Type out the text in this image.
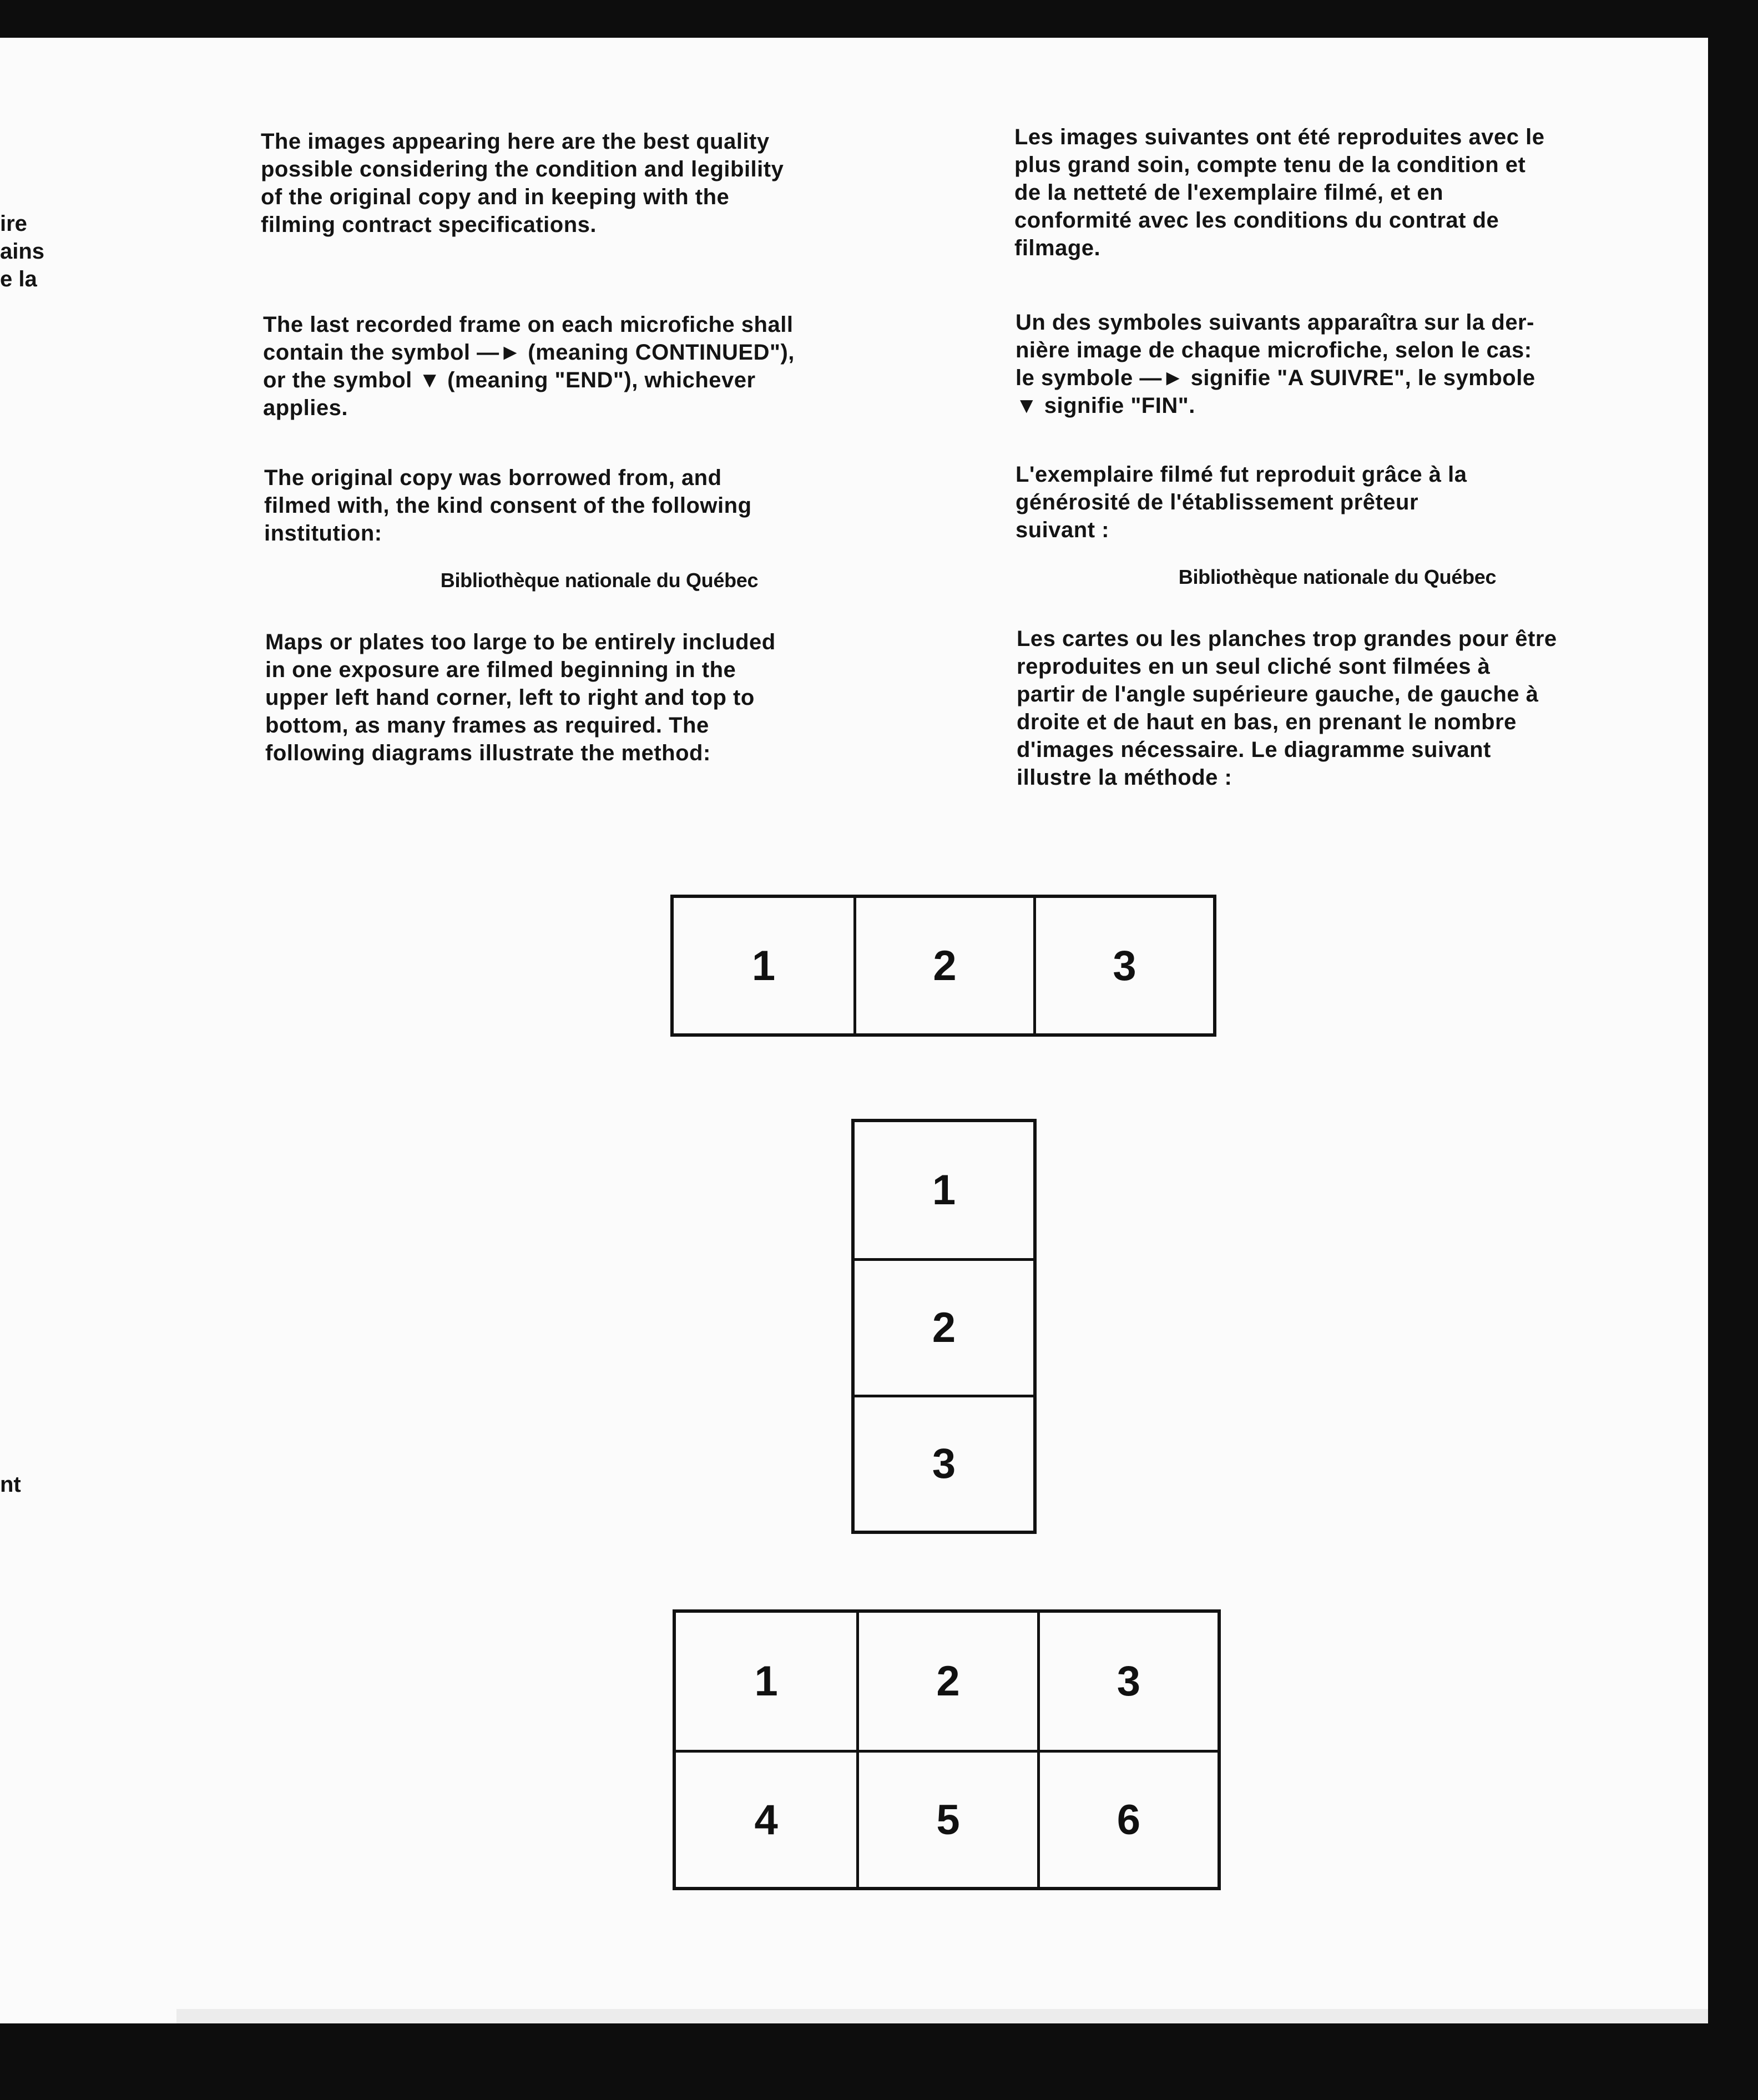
ire
ains
e la
nt
The images appearing here are the best quality
possible considering the condition and legibility
of the original copy and in keeping with the
filming contract specifications.
The last recorded frame on each microfiche shall
contain the symbol —► (meaning CONTINUED"),
or the symbol ▼ (meaning "END"), whichever
applies.
The original copy was borrowed from, and
filmed with, the kind consent of the following
institution:
Bibliothèque nationale du Québec
Maps or plates too large to be entirely included
in one exposure are filmed beginning in the
upper left hand corner, left to right and top to
bottom, as many frames as required. The
following diagrams illustrate the method:
Les images suivantes ont été reproduites avec le
plus grand soin, compte tenu de la condition et
de la netteté de l'exemplaire filmé, et en
conformité avec les conditions du contrat de
filmage.
Un des symboles suivants apparaîtra sur la der-
nière image de chaque microfiche, selon le cas:
le symbole —► signifie "A SUIVRE", le symbole
▼ signifie "FIN".
L'exemplaire filmé fut reproduit grâce à la
générosité de l'établissement prêteur
suivant :
Bibliothèque nationale du Québec
Les cartes ou les planches trop grandes pour être
reproduites en un seul cliché sont filmées à
partir de l'angle supérieure gauche, de gauche à
droite et de haut en bas, en prenant le nombre
d'images nécessaire. Le diagramme suivant
illustre la méthode :
1	2	3
1
2
3
1	2	3
4	5	6
